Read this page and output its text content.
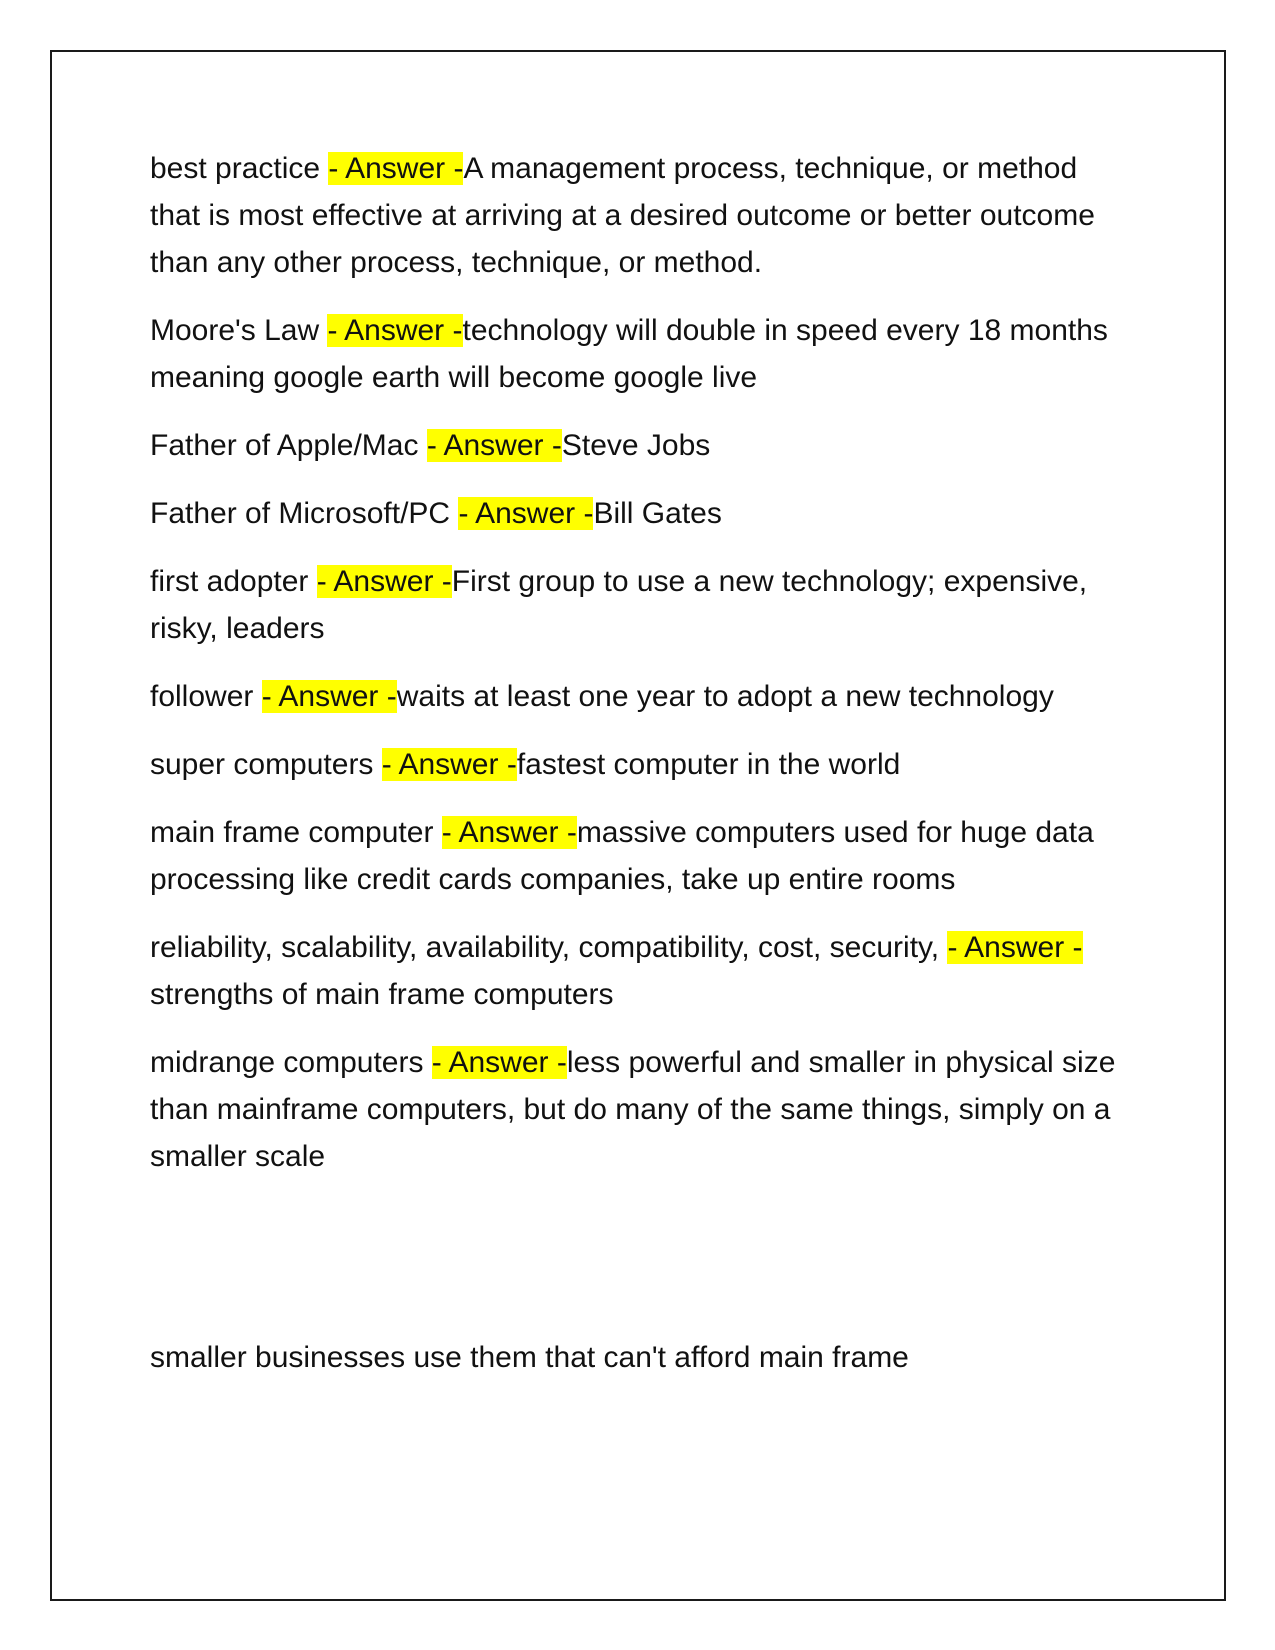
best practice - Answer -A management process, technique, or method that is most effective at arriving at a desired outcome or better outcome than any other process, technique, or method.

Moore's Law - Answer -technology will double in speed every 18 months meaning google earth will become google live

Father of Apple/Mac - Answer -Steve Jobs

Father of Microsoft/PC - Answer -Bill Gates

first adopter - Answer -First group to use a new technology; expensive, risky, leaders

follower - Answer -waits at least one year to adopt a new technology

super computers - Answer -fastest computer in the world

main frame computer - Answer -massive computers used for huge data processing like credit cards companies, take up entire rooms

reliability, scalability, availability, compatibility, cost, security, - Answer -strengths of main frame computers

midrange computers - Answer -less powerful and smaller in physical size than mainframe computers, but do many of the same things, simply on a smaller scale

smaller businesses use them that can't afford main frame
